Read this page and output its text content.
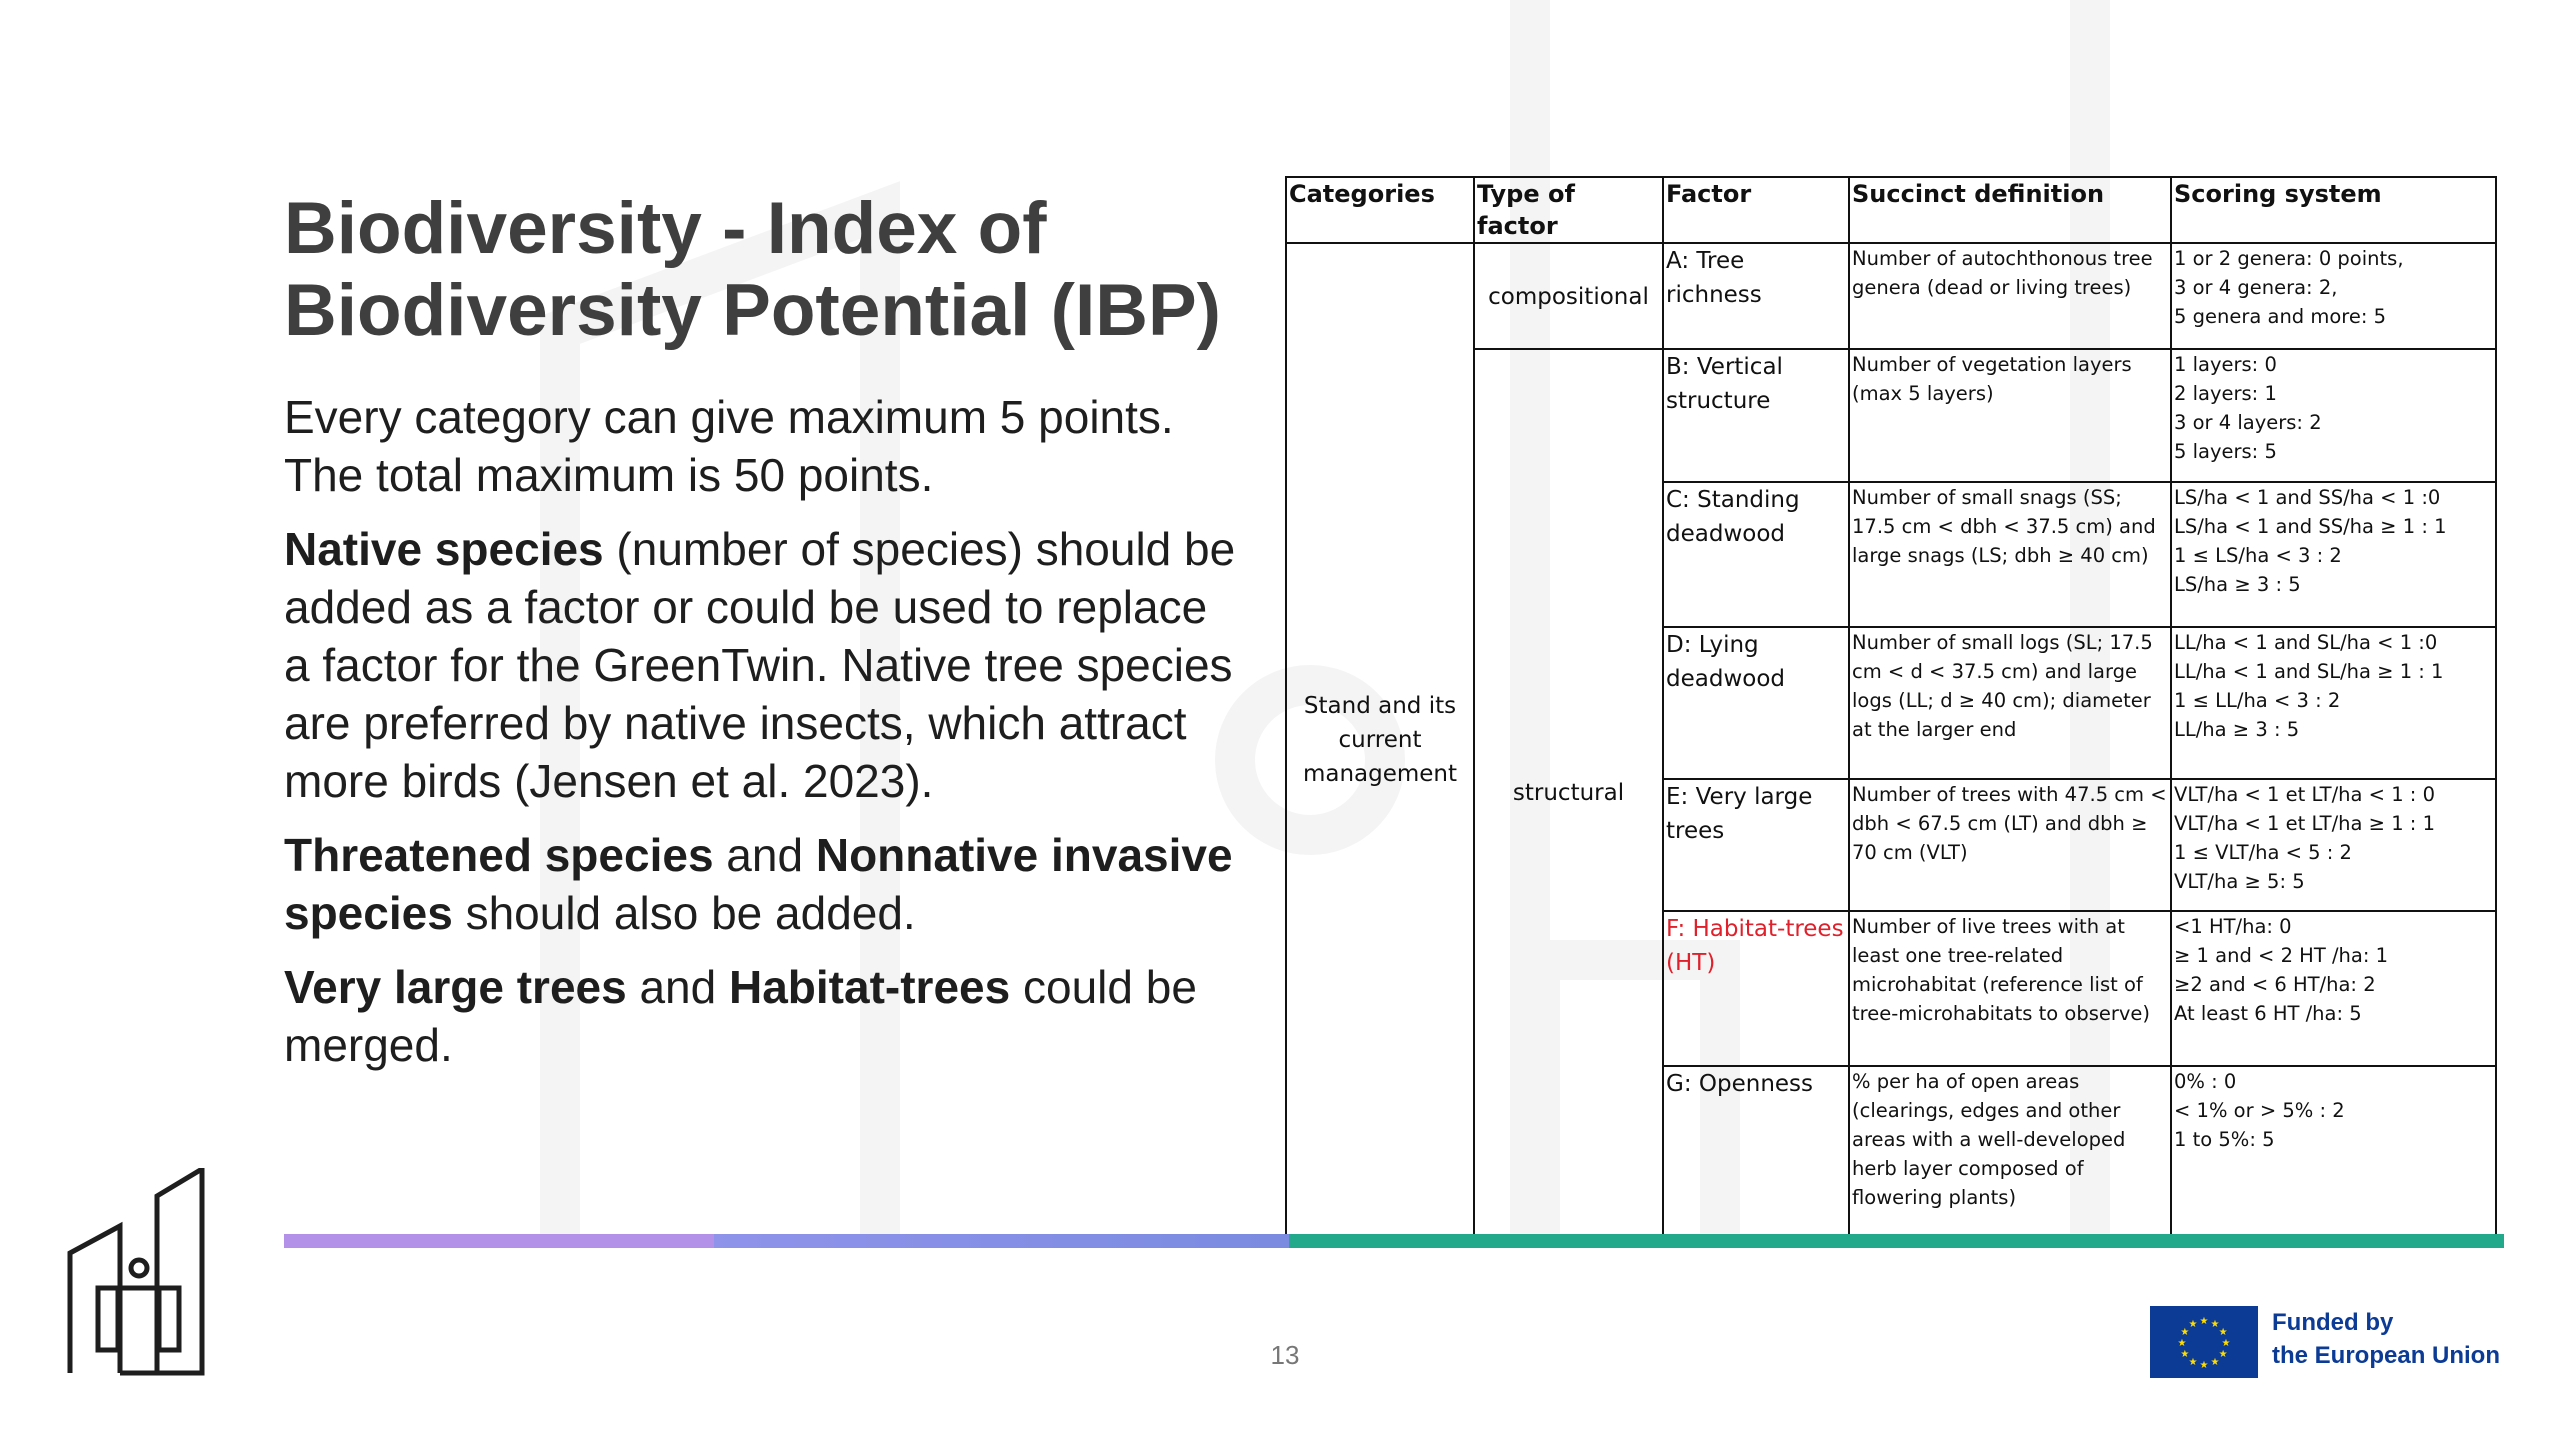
Biodiversity - Index of Biodiversity Potential (IBP)

Every category can give maximum 5 points. The total maximum is 50 points.

Native species (number of species) should be added as a factor or could be used to replace a factor for the GreenTwin. Native tree species are preferred by native insects, which attract more birds (Jensen et al. 2023).

Threatened species and Nonnative invasive species should also be added.

Very large trees and Habitat-trees could be merged.

Categories	Type of factor	Factor	Succinct definition	Scoring system
Stand and its current management	compositional	A: Tree richness	Number of autochthonous tree genera (dead or living trees)	1 or 2 genera: 0 points,
3 or 4 genera: 2,
5 genera and more: 5

	structural	B: Vertical structure	Number of vegetation layers (max 5 layers)	1 layers: 0
2 layers: 1
3 or 4 layers: 2
5 layers: 5

		C: Standing deadwood	Number of small snags (SS; 17.5 cm < dbh < 37.5 cm) and large snags (LS; dbh ≥ 40 cm)	LS/ha < 1 and SS/ha < 1 :0
LS/ha < 1 and SS/ha ≥ 1 : 1
1 ≤ LS/ha < 3 : 2
LS/ha ≥ 3 : 5

		D: Lying deadwood	Number of small logs (SL; 17.5 cm < d < 37.5 cm) and large logs (LL; d ≥ 40 cm); diameter at the larger end	LL/ha < 1 and SL/ha < 1 :0
LL/ha < 1 and SL/ha ≥ 1 : 1
1 ≤ LL/ha < 3 : 2
LL/ha ≥ 3 : 5

		E: Very large trees	Number of trees with 47.5 cm < dbh < 67.5 cm (LT) and dbh ≥ 70 cm (VLT)	VLT/ha < 1 et LT/ha < 1 : 0
VLT/ha < 1 et LT/ha ≥ 1 : 1
1 ≤ VLT/ha < 5 : 2
VLT/ha ≥ 5: 5

		F: Habitat-trees (HT)	Number of live trees with at least one tree-related microhabitat (reference list of tree-microhabitats to observe)	<1 HT/ha: 0
≥ 1 and < 2 HT /ha: 1
≥2 and < 6 HT/ha: 2
At least 6 HT /ha: 5

		G: Openness	% per ha of open areas (clearings, edges and other areas with a well-developed herb layer composed of flowering plants)	0% : 0
< 1% or > 5% : 2
1 to 5%: 5
13
★ ★
★
★
★
★
★
★
★
★
★
★	Funded by
the European Union
